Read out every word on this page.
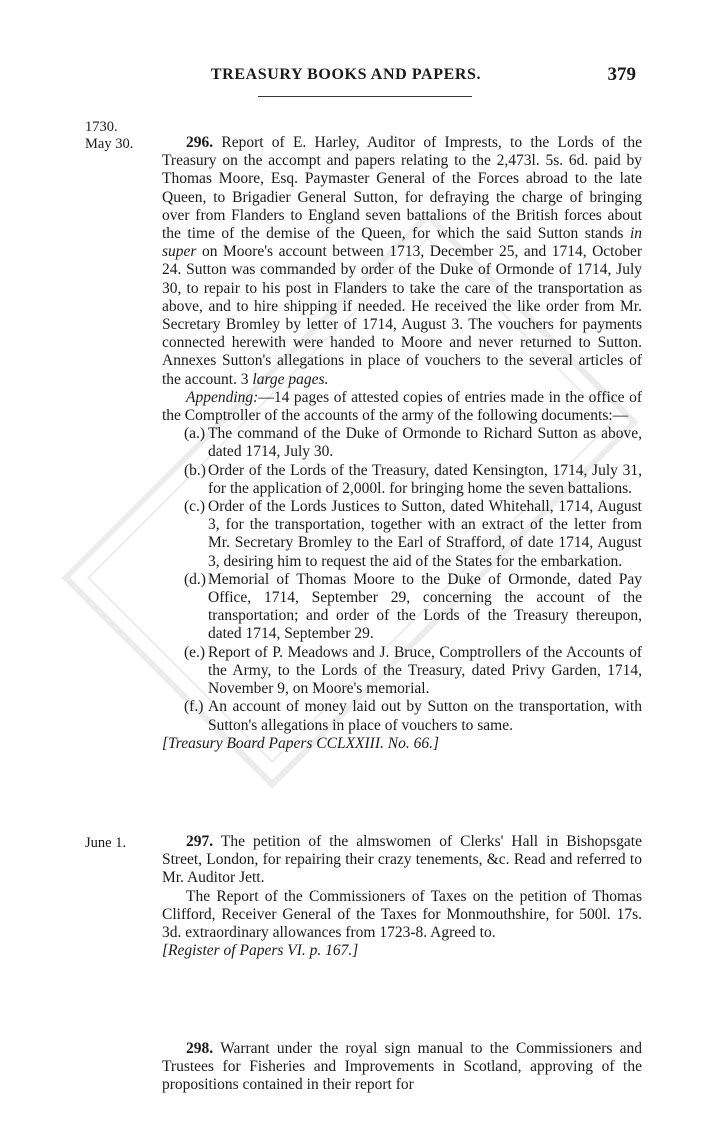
TREASURY BOOKS AND PAPERS.	379
1730.
May 30.
June 1.

296. Report of E. Harley, Auditor of Imprests, to the Lords of the Treasury on the accompt and papers relating to the 2,473l. 5s. 6d. paid by Thomas Moore, Esq. Paymaster General of the Forces abroad to the late Queen, to Brigadier General Sutton, for defraying the charge of bringing over from Flanders to England seven battalions of the British forces about the time of the demise of the Queen, for which the said Sutton stands in super on Moore's account between 1713, December 25, and 1714, October 24. Sutton was commanded by order of the Duke of Ormonde of 1714, July 30, to repair to his post in Flanders to take the care of the transportation as above, and to hire shipping if needed. He received the like order from Mr. Secretary Bromley by letter of 1714, August 3. The vouchers for payments connected herewith were handed to Moore and never returned to Sutton. Annexes Sutton's allegations in place of vouchers to the several articles of the account. 3 large pages.

Appending:—14 pages of attested copies of entries made in the office of the Comptroller of the accounts of the army of the following documents:—

(a.) The command of the Duke of Ormonde to Richard Sutton as above, dated 1714, July 30.
(b.) Order of the Lords of the Treasury, dated Kensington, 1714, July 31, for the application of 2,000l. for bringing home the seven battalions.
(c.) Order of the Lords Justices to Sutton, dated Whitehall, 1714, August 3, for the transportation, together with an extract of the letter from Mr. Secretary Bromley to the Earl of Strafford, of date 1714, August 3, desiring him to request the aid of the States for the embarkation.
(d.) Memorial of Thomas Moore to the Duke of Ormonde, dated Pay Office, 1714, September 29, concerning the account of the transportation; and order of the Lords of the Treasury thereupon, dated 1714, September 29.
(e.) Report of P. Meadows and J. Bruce, Comptrollers of the Accounts of the Army, to the Lords of the Treasury, dated Privy Garden, 1714, November 9, on Moore's memorial.
(f.) An account of money laid out by Sutton on the transportation, with Sutton's allegations in place of vouchers to same.

[Treasury Board Papers CCLXXIII. No. 66.]

297. The petition of the almswomen of Clerks' Hall in Bishopsgate Street, London, for repairing their crazy tenements, &c. Read and referred to Mr. Auditor Jett.

The Report of the Commissioners of Taxes on the petition of Thomas Clifford, Receiver General of the Taxes for Monmouthshire, for 500l. 17s. 3d. extraordinary allowances from 1723-8. Agreed to.

[Register of Papers VI. p. 167.]

298. Warrant under the royal sign manual to the Commissioners and Trustees for Fisheries and Improvements in Scotland, approving of the propositions contained in their report for
